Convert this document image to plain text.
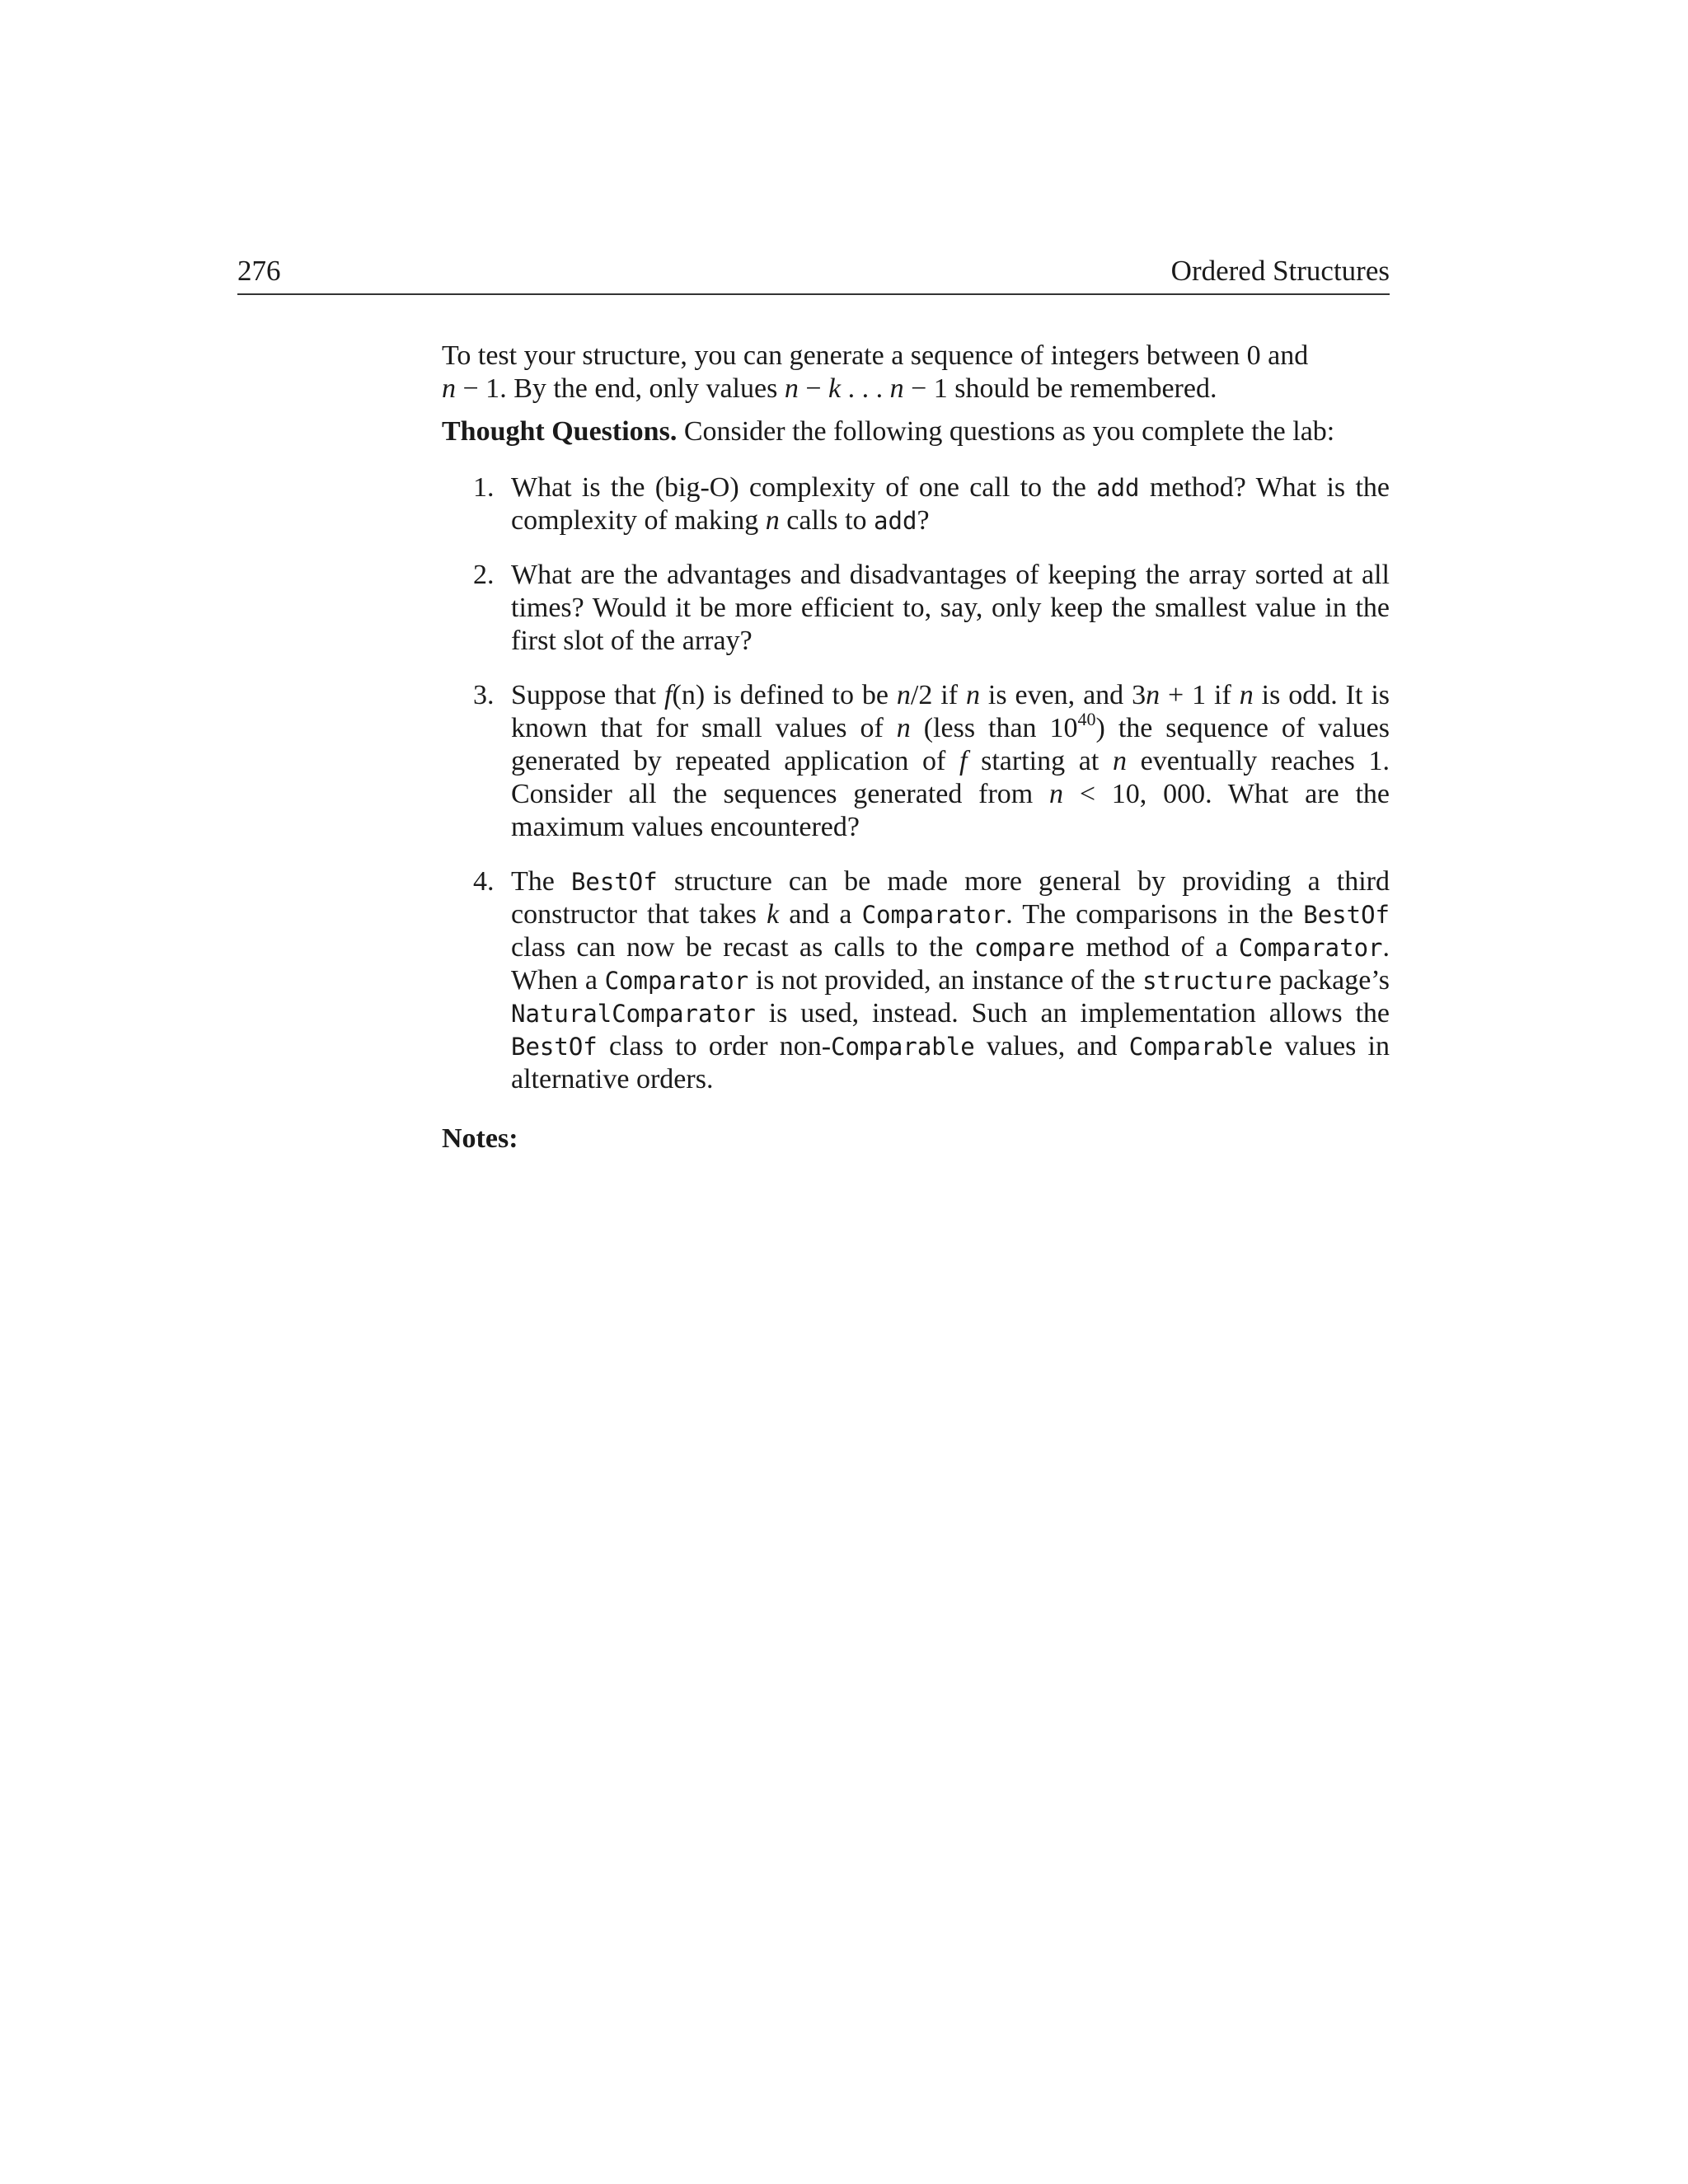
276	Ordered Structures

To test your structure, you can generate a sequence of integers between 0 and
n − 1. By the end, only values n − k . . . n − 1 should be remembered.

Thought Questions. Consider the following questions as you complete the lab:

1. What is the (big-O) complexity of one call to the add method? What is the complexity of making n calls to add?
2. What are the advantages and disadvantages of keeping the array sorted at all times? Would it be more efficient to, say, only keep the smallest value in the first slot of the array?
3. Suppose that f(n) is defined to be n/2 if n is even, and 3n + 1 if n is odd. It is known that for small values of n (less than $10^{40}$) the sequence of values generated by repeated application of f starting at n eventually reaches 1. Consider all the sequences generated from n < 10, 000. What are the maximum values encountered?
4. The BestOf structure can be made more general by providing a third constructor that takes k and a Comparator. The comparisons in the BestOf class can now be recast as calls to the compare method of a Comparator. When a Comparator is not provided, an instance of the structure package’s NaturalComparator is used, instead. Such an implementation allows the BestOf class to order non-Comparable values, and Comparable values in alternative orders.

Notes:
